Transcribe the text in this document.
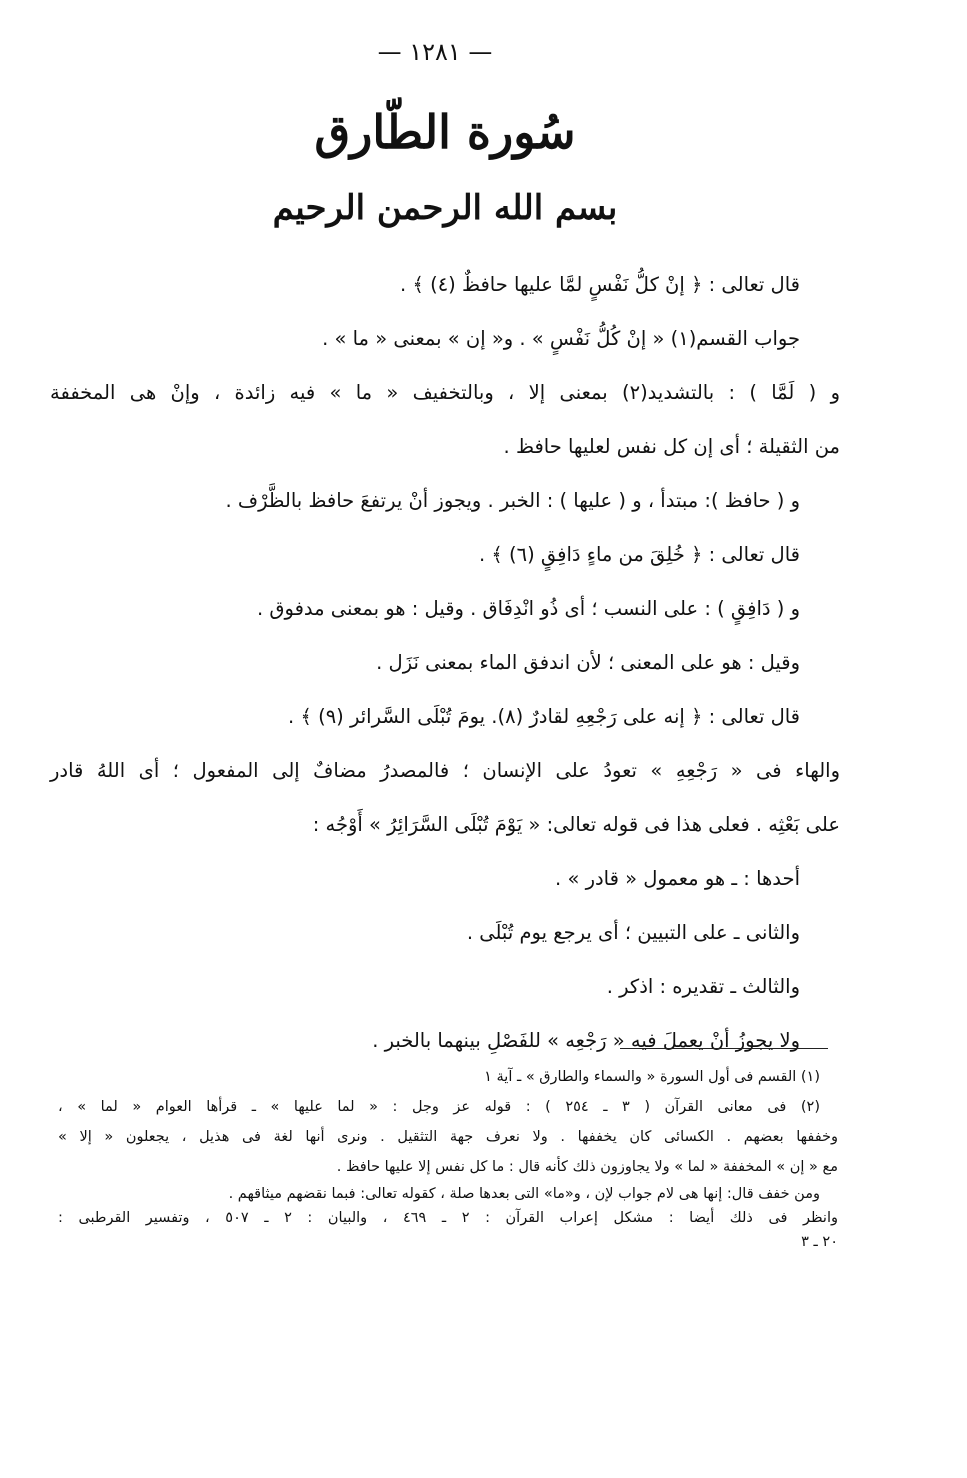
— ١٢٨١ —
سُورة الطّارق
بسم الله الرحمن الرحيم
قال تعالى : ﴿ إنْ كلُّ نَفْسٍ لمَّا عليها حافظٌ (٤) ﴾ .
جواب القسم(١) « إنْ كُلُّ نَفْسٍ » . و« إن » بمعنى « ما » .
و ( لَمَّا ) : بالتشديد(٢) بمعنى إلا ، وبالتخفيف « ما » فيه زائدة ، وإنْ هى المخففة
من الثقيلة ؛ أى إن كل نفس لعليها حافظ .
و ( حافظ ): مبتدأ ، و ( عليها ) : الخبر . ويجوز أنْ يرتفعَ حافظ بالظَّرْف .
قال تعالى : ﴿ خُلِقَ من ماءٍ دَافِقٍ (٦) ﴾ .
و ( دَافِقٍ ) : على النسب ؛ أى ذُو انْدِفَاق . وقيل : هو بمعنى مدفوق .
وقيل : هو على المعنى ؛ لأن اندفق الماء بمعنى نَزَل .
قال تعالى : ﴿ إنه على رَجْعِهِ لقادرٌ (٨). يومَ تُبْلَى السَّرائر (٩) ﴾ .
والهاء فى « رَجْعِهِ » تعودُ على الإنسان ؛ فالمصدرُ مضافٌ إلى المفعول ؛ أى اللهُ قادر
على بَعْثِه . فعلى هذا فى قوله تعالى: « يَوْمَ تُبْلَى السَّرَائِرُ » أَوْجُه :
أحدها : ـ هو معمول « قادر » .
والثانى ـ على التبيين ؛ أى يرجع يوم تُبْلَى .
والثالث ـ تقديره : اذكر .
ولا يجوزُ أنْ يعملَ فيه « رَجْعِه » للفَصْلِ بينهما بالخبر .
(١) القسم فى أول السورة « والسماء والطارق » ـ آية ١
(٢) فى معانى القرآن ( ٣ ـ ٢٥٤ ) : قوله عز وجل : « لما عليها » ـ قرأها العوام « لما » ،
وخففها بعضهم . الكسائى كان يخففها . ولا نعرف جهة التثقيل . ونرى أنها لغة فى هذيل ، يجعلون « إلا »
مع « إن » المخففة « لما » ولا يجاوزون ذلك كأنه قال : ما كل نفس إلا عليها حافظ .
ومن خفف قال: إنها هى لام جواب لإن ، و«ما» التى بعدها صلة ، كقوله تعالى: فبما نقضهم ميثاقهم .
وانظر فى ذلك أيضا : مشكل إعراب القرآن : ٢ ـ ٤٦٩ ، والبيان : ٢ ـ ٥٠٧ ، وتفسير القرطبى :
٢٠ ـ ٣
